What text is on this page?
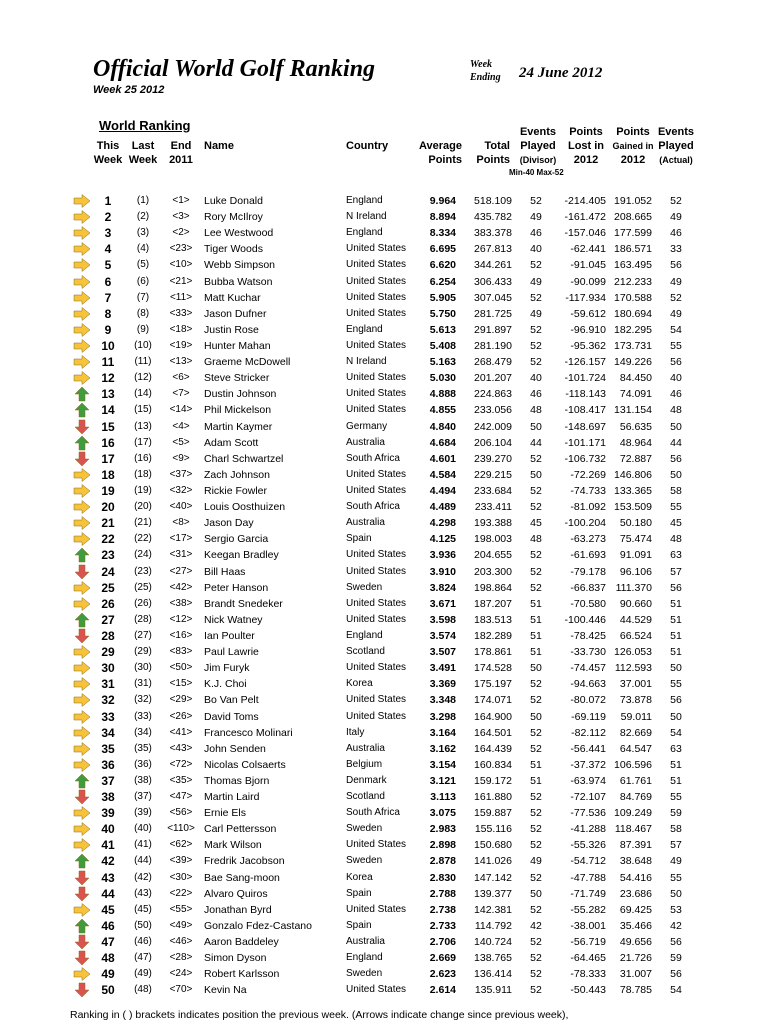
Official World Golf Ranking
Week 25 2012
Week Ending	24 June 2012
World Ranking
This
Week
Last
Week
End
2011
Name	Country	Average
Points
Total
Points
Events
Played
(Divisor)
Points
Lost in
2012
Points
Gained in
2012
Events
Played
(Actual)
Min-40 Max-52
1	(1)	<1>	Luke Donald	England	9.964	518.109	52	-214.405 191.052	52
2	(2)	<3>	Rory McIlroy	N Ireland	8.894	435.782	49	-161.472 208.665	49
3	(3)	<2>	Lee Westwood	England	8.334	383.378	46	-157.046 177.599	46
4	(4)	<23>	Tiger Woods	United States	6.695	267.813	40	-62.441 186.571	33
5	(5)	<10>	Webb Simpson	United States	6.620	344.261	52	-91.045 163.495	56
6	(6)	<21>	Bubba Watson	United States	6.254	306.433	49	-90.099 212.233	49
7	(7)	<11>	Matt Kuchar	United States	5.905	307.045	52	-117.934 170.588	52
8	(8)	<33>	Jason Dufner	United States	5.750	281.725	49	-59.612 180.694	49
9	(9)	<18>	Justin Rose	England	5.613	291.897	52	-96.910 182.295	54
10	(10)	<19>	Hunter Mahan	United States	5.408	281.190	52	-95.362 173.731	55
11	(11)	<13>	Graeme McDowell	N Ireland	5.163	268.479	52	-126.157 149.226	56
12	(12)	<6>	Steve Stricker	United States	5.030	201.207	40	-101.724	84.450	40
13	(14)	<7>	Dustin Johnson	United States	4.888	224.863	46	-118.143	74.091	46
14	(15)	<14>	Phil Mickelson	United States	4.855	233.056	48	-108.417 131.154	48
15	(13)	<4>	Martin Kaymer	Germany	4.840	242.009	50	-148.697	56.635	50
16	(17)	<5>	Adam Scott	Australia	4.684	206.104	44	-101.171	48.964	44
17	(16)	<9>	Charl Schwartzel	South Africa	4.601	239.270	52	-106.732	72.887	56
18	(18)	<37>	Zach Johnson	United States	4.584	229.215	50	-72.269 146.806	50
19	(19)	<32>	Rickie Fowler	United States	4.494	233.684	52	-74.733 133.365	58
20	(20)	<40>	Louis Oosthuizen	South Africa	4.489	233.411	52	-81.092 153.509	55
21	(21)	<8>	Jason Day	Australia	4.298	193.388	45	-100.204	50.180	45
22	(22)	<17>	Sergio Garcia	Spain	4.125	198.003	48	-63.273	75.474	48
23	(24)	<31>	Keegan Bradley	United States	3.936	204.655	52	-61.693	91.091	63
24	(23)	<27>	Bill Haas	United States	3.910	203.300	52	-79.178	96.106	57
25	(25)	<42>	Peter Hanson	Sweden	3.824	198.864	52	-66.837 111.370	56
26	(26)	<38>	Brandt Snedeker	United States	3.671	187.207	51	-70.580	90.660	51
27	(28)	<12>	Nick Watney	United States	3.598	183.513	51	-100.446	44.529	51
28	(27)	<16>	Ian Poulter	England	3.574	182.289	51	-78.425	66.524	51
29	(29)	<83>	Paul Lawrie	Scotland	3.507	178.861	51	-33.730 126.053	51
30	(30)	<50>	Jim Furyk	United States	3.491	174.528	50	-74.457 112.593	50
31	(31)	<15>	K.J. Choi	Korea	3.369	175.197	52	-94.663	37.001	55
32	(32)	<29>	Bo Van Pelt	United States	3.348	174.071	52	-80.072	73.878	56
33	(33)	<26>	David Toms	United States	3.298	164.900	50	-69.119	59.011	50
34	(34)	<41>	Francesco Molinari	Italy	3.164	164.501	52	-82.112	82.669	54
35	(35)	<43>	John Senden	Australia	3.162	164.439	52	-56.441	64.547	63
36	(36)	<72>	Nicolas Colsaerts	Belgium	3.154	160.834	51	-37.372 106.596	51
37	(38)	<35>	Thomas Bjorn	Denmark	3.121	159.172	51	-63.974	61.761	51
38	(37)	<47>	Martin Laird	Scotland	3.113	161.880	52	-72.107	84.769	55
39	(39)	<56>	Ernie Els	South Africa	3.075	159.887	52	-77.536 109.249	59
40	(40)	<110> Carl Pettersson	Sweden	2.983	155.116	52	-41.288 118.467	58
41	(41)	<62>	Mark Wilson	United States	2.898	150.680	52	-55.326	87.391	57
42	(44)	<39>	Fredrik Jacobson	Sweden	2.878	141.026	49	-54.712	38.648	49
43	(42)	<30>	Bae Sang-moon	Korea	2.830	147.142	52	-47.788	54.416	55
44	(43)	<22>	Alvaro Quiros	Spain	2.788	139.377	50	-71.749	23.686	50
45	(45)	<55>	Jonathan Byrd	United States	2.738	142.381	52	-55.282	69.425	53
46	(50)	<49>	Gonzalo Fdez-Castano	Spain	2.733	114.792	42	-38.001	35.466	42
47	(46)	<46>	Aaron Baddeley	Australia	2.706	140.724	52	-56.719	49.656	56
48	(47)	<28>	Simon Dyson	England	2.669	138.765	52	-64.465	21.726	59
49	(49)	<24>	Robert Karlsson	Sweden	2.623	136.414	52	-78.333	31.007	56
50	(48)	<70>	Kevin Na	United States	2.614	135.911	52	-50.443	78.785	54
Ranking in ( ) brackets indicates position the previous week. (Arrows indicate change since previous week),
